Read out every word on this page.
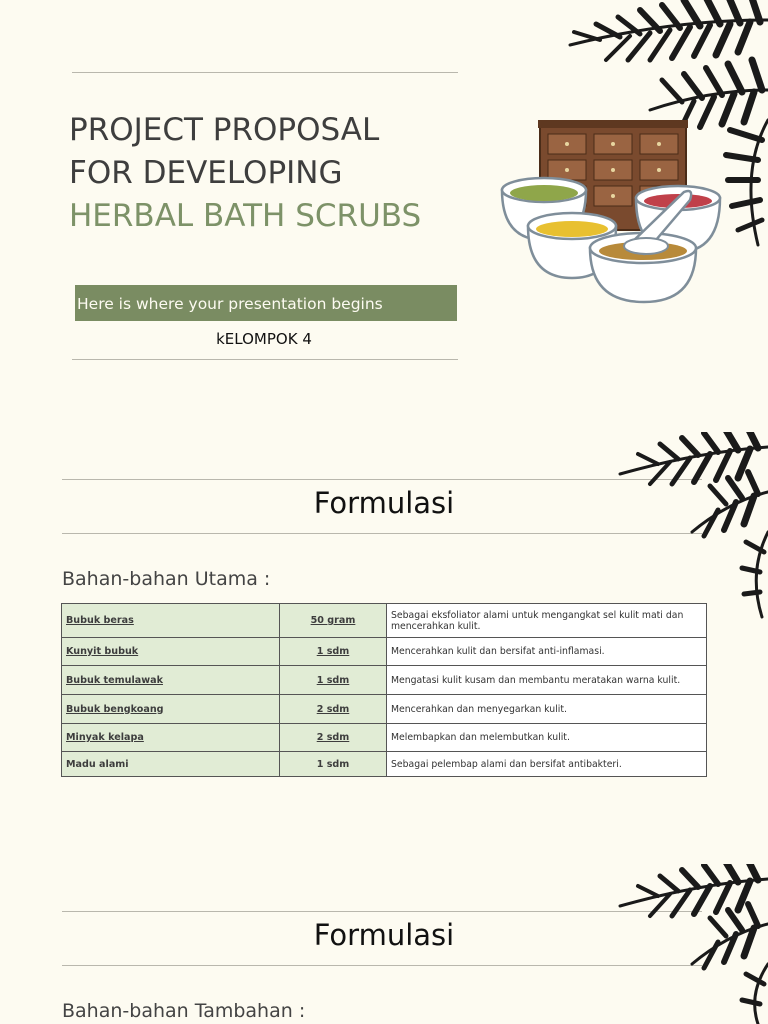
PROJECT PROPOSAL
FOR DEVELOPING
HERBAL BATH SCRUBS
Here is where your presentation begins
kELOMPOK 4
Formulasi
Bahan-bahan Utama :
Bubuk beras	50 gram	Sebagai eksfoliator alami untuk mengangkat sel kulit mati dan mencerahkan kulit.
Kunyit bubuk	1 sdm	Mencerahkan kulit dan bersifat anti-inflamasi.
Bubuk temulawak	1 sdm	Mengatasi kulit kusam dan membantu meratakan warna kulit.
Bubuk bengkoang	2 sdm	Mencerahkan dan menyegarkan kulit.
Minyak kelapa	2 sdm	Melembapkan dan melembutkan kulit.
Madu alami	1 sdm	Sebagai pelembap alami dan bersifat antibakteri.
Formulasi
Bahan-bahan Tambahan :
